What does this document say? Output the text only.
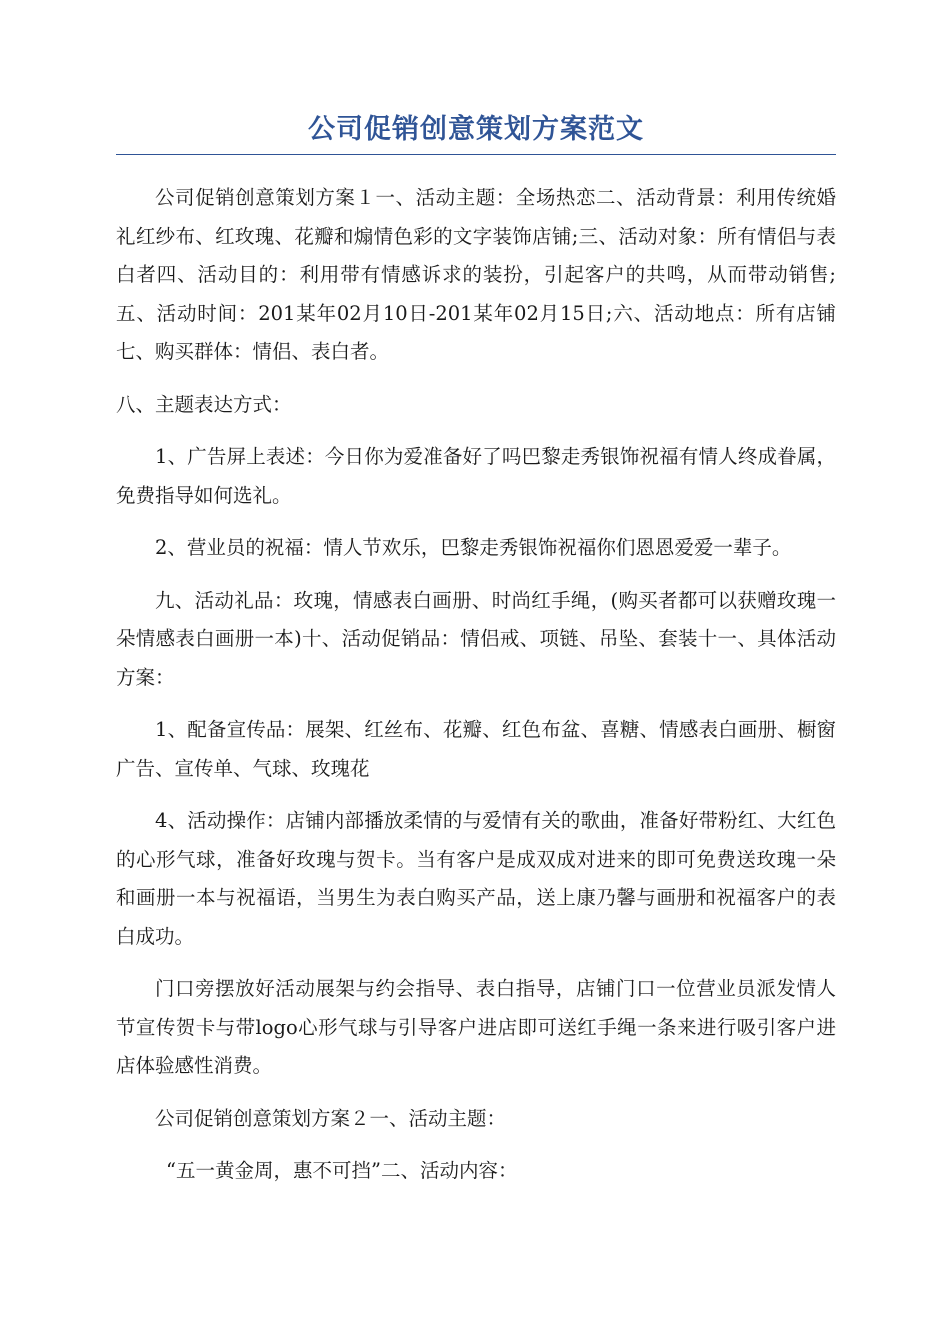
公司促销创意策划方案范文

公司促销创意策划方案１一、活动主题：全场热恋二、活动背景：利用传统婚礼红纱布、红玫瑰、花瓣和煽情色彩的文字装饰店铺;三、活动对象：所有情侣与表白者四、活动目的：利用带有情感诉求的装扮，引起客户的共鸣，从而带动销售;五、活动时间：201某年02月10日-201某年02月15日;六、活动地点：所有店铺七、购买群体：情侣、表白者。

八、主题表达方式：

1、广告屏上表述：今日你为爱准备好了吗巴黎走秀银饰祝福有情人终成眷属，免费指导如何选礼。

2、营业员的祝福：情人节欢乐，巴黎走秀银饰祝福你们恩恩爱爱一辈子。

九、活动礼品：玫瑰，情感表白画册、时尚红手绳，(购买者都可以获赠玫瑰一朵情感表白画册一本)十、活动促销品：情侣戒、项链、吊坠、套装十一、具体活动方案：

1、配备宣传品：展架、红丝布、花瓣、红色布盆、喜糖、情感表白画册、橱窗广告、宣传单、气球、玫瑰花

4、活动操作：店铺内部播放柔情的与爱情有关的歌曲，准备好带粉红、大红色的心形气球，准备好玫瑰与贺卡。当有客户是成双成对进来的即可免费送玫瑰一朵和画册一本与祝福语，当男生为表白购买产品，送上康乃馨与画册和祝福客户的表白成功。

门口旁摆放好活动展架与约会指导、表白指导，店铺门口一位营业员派发情人节宣传贺卡与带logo心形气球与引导客户进店即可送红手绳一条来进行吸引客户进店体验感性消费。

公司促销创意策划方案２一、活动主题：

“五一黄金周，惠不可挡”二、活动内容：
